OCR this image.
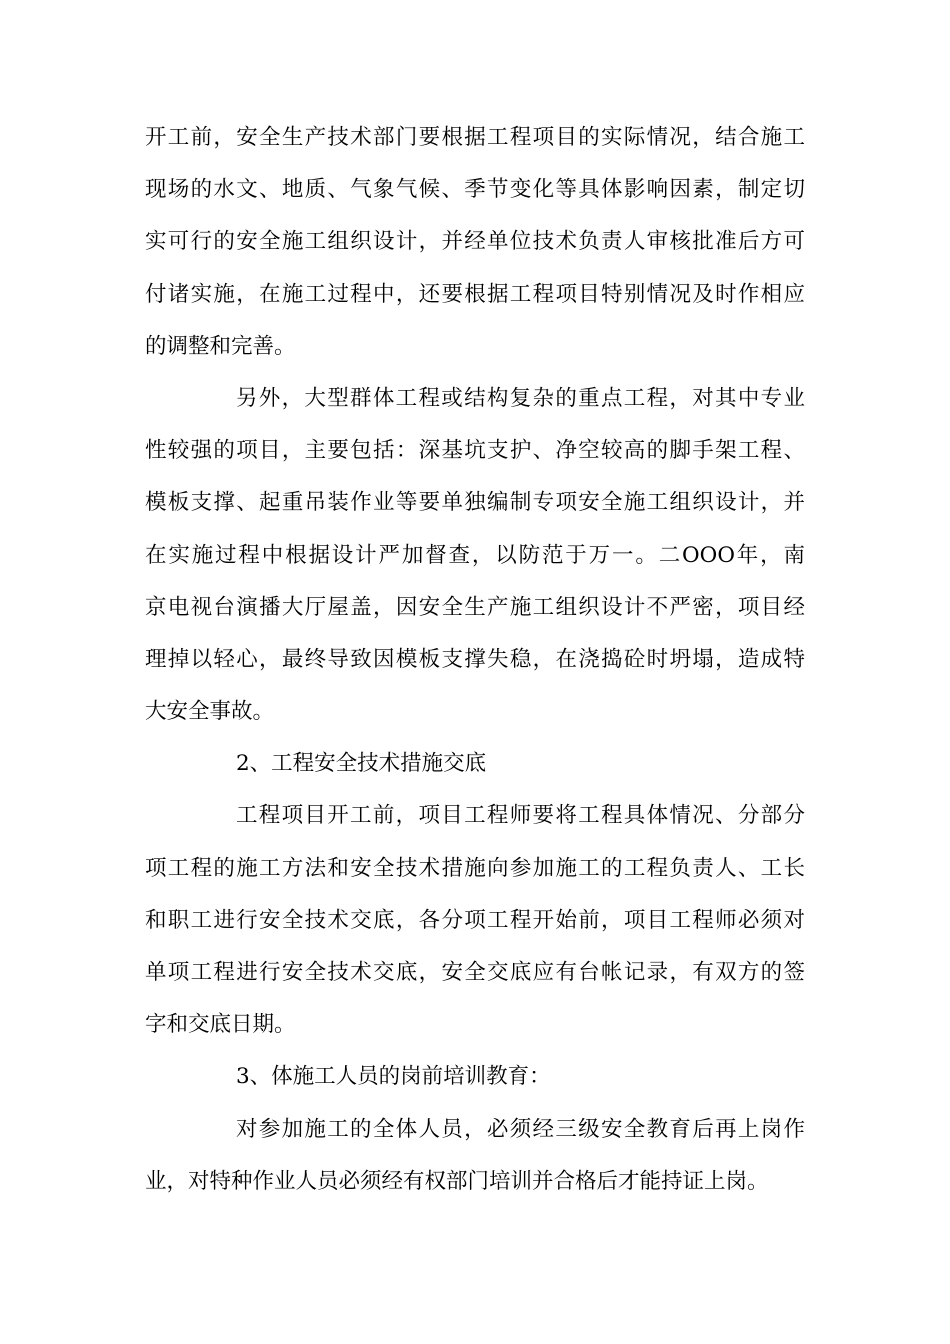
开工前，安全生产技术部门要根据工程项目的实际情况，结合施工
现场的水文、地质、气象气候、季节变化等具体影响因素，制定切
实可行的安全施工组织设计，并经单位技术负责人审核批准后方可
付诸实施，在施工过程中，还要根据工程项目特别情况及时作相应
的调整和完善。
另外，大型群体工程或结构复杂的重点工程，对其中专业
性较强的项目，主要包括：深基坑支护、净空较高的脚手架工程、
模板支撑、起重吊装作业等要单独编制专项安全施工组织设计，并
在实施过程中根据设计严加督查，以防范于万一。二OOO年，南
京电视台演播大厅屋盖，因安全生产施工组织设计不严密，项目经
理掉以轻心，最终导致因模板支撑失稳，在浇捣砼时坍塌，造成特
大安全事故。
2、工程安全技术措施交底
工程项目开工前，项目工程师要将工程具体情况、分部分
项工程的施工方法和安全技术措施向参加施工的工程负责人、工长
和职工进行安全技术交底，各分项工程开始前，项目工程师必须对
单项工程进行安全技术交底，安全交底应有台帐记录，有双方的签
字和交底日期。
3、体施工人员的岗前培训教育：
对参加施工的全体人员，必须经三级安全教育后再上岗作
业，对特种作业人员必须经有权部门培训并合格后才能持证上岗。
